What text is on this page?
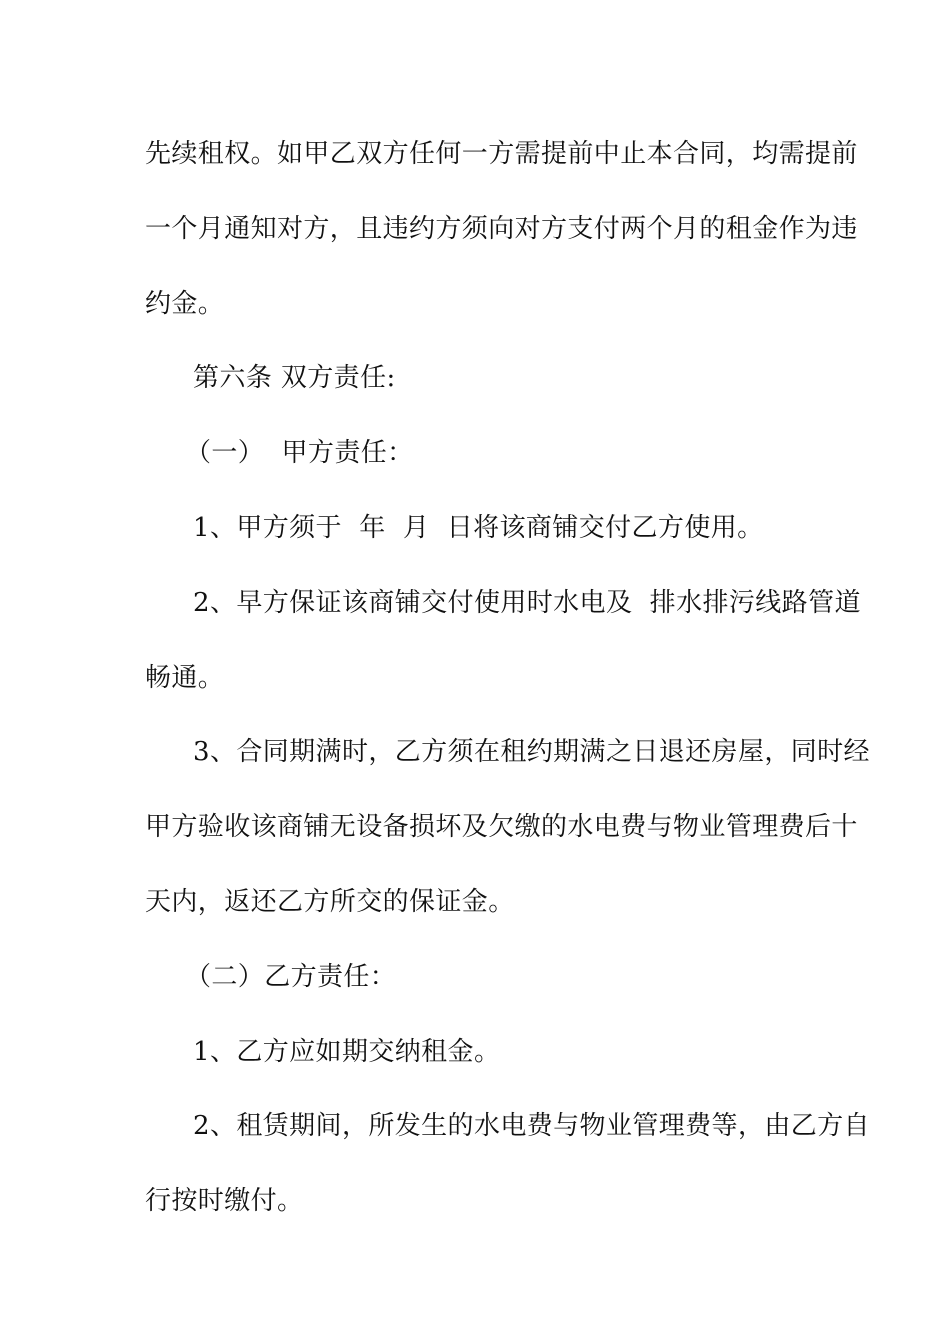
先续租权。如甲乙双方任何一方需提前中止本合同，均需提前
一个月通知对方，且违约方须向对方支付两个月的租金作为违
约金。
第六条 双方责任:
（一）  甲方责任：
1、甲方须于  年  月  日将该商铺交付乙方使用。
2、早方保证该商铺交付使用时水电及  排水排污线路管道
畅通。
3、合同期满时，乙方须在租约期满之日退还房屋，同时经
甲方验收该商铺无设备损坏及欠缴的水电费与物业管理费后十
天内，返还乙方所交的保证金。
（二）乙方责任：
1、乙方应如期交纳租金。
2、租赁期间，所发生的水电费与物业管理费等，由乙方自
行按时缴付。
